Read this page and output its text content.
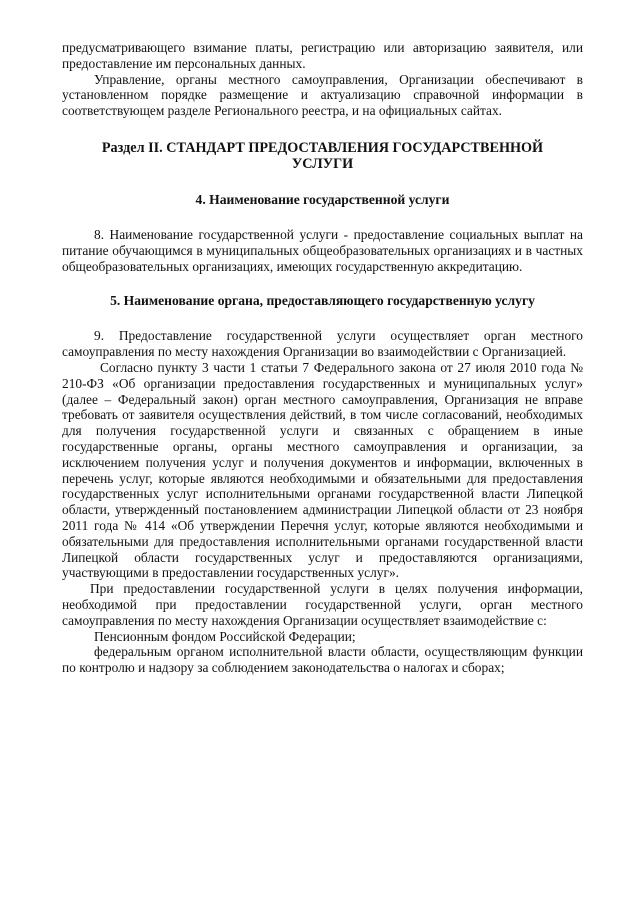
предусматривающего взимание платы, регистрацию или авторизацию заявителя, или предоставление им персональных данных.

Управление, органы местного самоуправления, Организации обеспечивают в установленном порядке размещение и актуализацию справочной информации в соответствующем разделе Регионального реестра, и на официальных сайтах.

Раздел II. СТАНДАРТ ПРЕДОСТАВЛЕНИЯ ГОСУДАРСТВЕННОЙ УСЛУГИ
4. Наименование государственной услуги

8. Наименование государственной услуги - предоставление социальных выплат на питание обучающимся в муниципальных общеобразовательных организациях и в частных общеобразовательных организациях, имеющих государственную аккредитацию.

5. Наименование органа, предоставляющего государственную услугу

9. Предоставление государственной услуги осуществляет орган местного самоуправления по месту нахождения Организации во взаимодействии с Организацией.

Согласно пункту 3 части 1 статьи 7 Федерального закона от 27 июля 2010 года № 210-ФЗ «Об организации предоставления государственных и муниципальных услуг» (далее – Федеральный закон) орган местного самоуправления, Организация не вправе требовать от заявителя осуществления действий, в том числе согласований, необходимых для получения государственной услуги и связанных с обращением в иные государственные органы, органы местного самоуправления и организации, за исключением получения услуг и получения документов и информации, включенных в перечень услуг, которые являются необходимыми и обязательными для предоставления государственных услуг исполнительными органами государственной власти Липецкой области, утвержденный постановлением администрации Липецкой области от 23 ноября 2011 года № 414 «Об утверждении Перечня услуг, которые являются необходимыми и обязательными для предоставления исполнительными органами государственной власти Липецкой области государственных услуг и предоставляются организациями, участвующими в предоставлении государственных услуг».

При предоставлении государственной услуги в целях получения информации, необходимой при предоставлении государственной услуги, орган местного самоуправления по месту нахождения Организации осуществляет взаимодействие с:

Пенсионным фондом Российской Федерации;

федеральным органом исполнительной власти области, осуществляющим функции по контролю и надзору за соблюдением законодательства о налогах и сборах;
